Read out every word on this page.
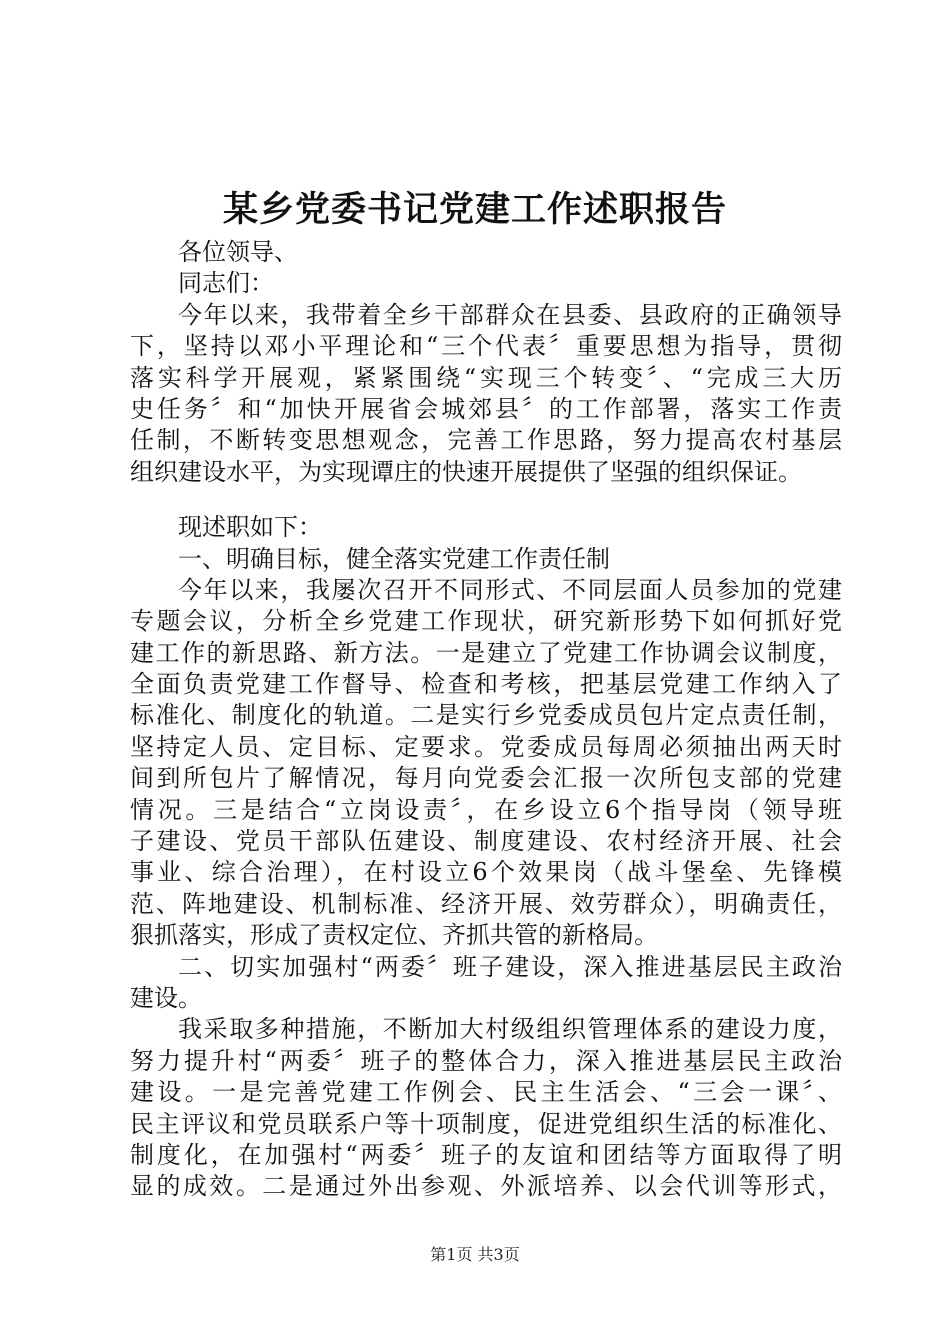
某乡党委书记党建工作述职报告
各位领导、
同志们：
今年以来，我带着全乡干部群众在县委、县政府的正确领导
下，坚持以邓小平理论和“三个代表〞重要思想为指导，贯彻
落实科学开展观，紧紧围绕“实现三个转变〞、“完成三大历
史任务〞和“加快开展省会城郊县〞的工作部署，落实工作责
任制，不断转变思想观念，完善工作思路，努力提高农村基层
组织建设水平，为实现谭庄的快速开展提供了坚强的组织保证。
现述职如下：
一、明确目标，健全落实党建工作责任制
今年以来，我屡次召开不同形式、不同层面人员参加的党建
专题会议，分析全乡党建工作现状，研究新形势下如何抓好党
建工作的新思路、新方法。一是建立了党建工作协调会议制度，
全面负责党建工作督导、检查和考核，把基层党建工作纳入了
标准化、制度化的轨道。二是实行乡党委成员包片定点责任制，
坚持定人员、定目标、定要求。党委成员每周必须抽出两天时
间到所包片了解情况，每月向党委会汇报一次所包支部的党建
情况。三是结合“立岗设责〞，在乡设立6个指导岗（领导班
子建设、党员干部队伍建设、制度建设、农村经济开展、社会
事业、综合治理），在村设立6个效果岗（战斗堡垒、先锋模
范、阵地建设、机制标准、经济开展、效劳群众），明确责任，
狠抓落实，形成了责权定位、齐抓共管的新格局。
二、切实加强村“两委〞班子建设，深入推进基层民主政治
建设。
我采取多种措施，不断加大村级组织管理体系的建设力度，
努力提升村“两委〞班子的整体合力，深入推进基层民主政治
建设。一是完善党建工作例会、民主生活会、“三会一课〞、
民主评议和党员联系户等十项制度，促进党组织生活的标准化、
制度化，在加强村“两委〞班子的友谊和团结等方面取得了明
显的成效。二是通过外出参观、外派培养、以会代训等形式，
第1页 共3页
